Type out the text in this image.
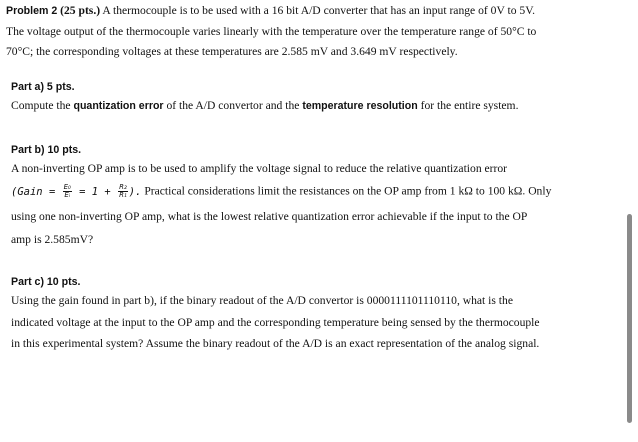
Problem 2 (25 pts.) A thermocouple is to be used with a 16 bit A/D converter that has an input range of 0V to 5V.
The voltage output of the thermocouple varies linearly with the temperature over the temperature range of 50°C to
70°C; the corresponding voltages at these temperatures are 2.585 mV and 3.649 mV respectively.
Part a) 5 pts.
Compute the quantization error of the A/D convertor and the temperature resolution for the entire system.
Part b) 10 pts.
A non-inverting OP amp is to be used to amplify the voltage signal to reduce the relative quantization error
(Gain = $\frac{\text{E₀}}{\text{Eᵢ}} = 1 + \frac{\text{R₂}}{\text{R₁}}$ ). Practical considerations limit the resistances on the OP amp from 1 kΩ to 100 kΩ. Only
using one non-inverting OP amp, what is the lowest relative quantization error achievable if the input to the OP
amp is 2.585mV?
Part c) 10 pts.
Using the gain found in part b), if the binary readout of the A/D convertor is 0000111101110110, what is the
indicated voltage at the input to the OP amp and the corresponding temperature being sensed by the thermocouple
in this experimental system? Assume the binary readout of the A/D is an exact representation of the analog signal.
